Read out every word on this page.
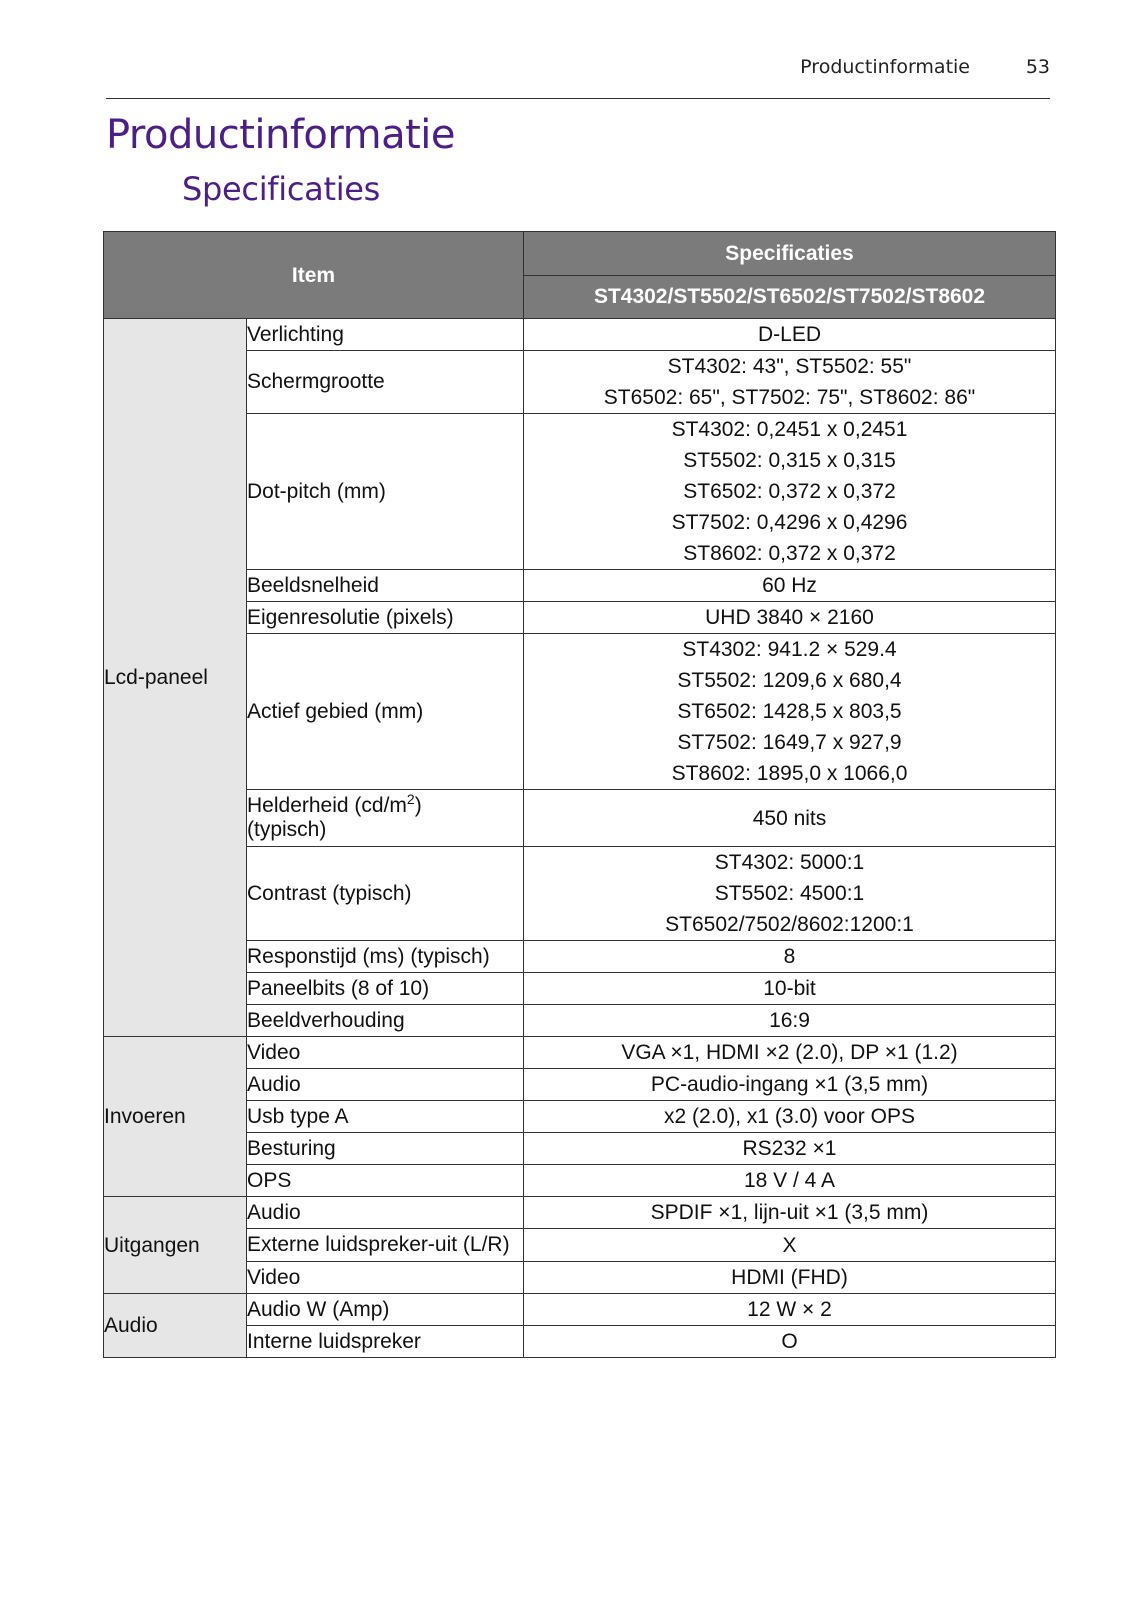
Productinformatie	53
Productinformatie
Specificaties
Item		Specificaties
		ST4302/ST5502/ST6502/ST7502/ST8602
Lcd-paneel	Verlichting	D-LED

	Schermgrootte	ST4302: 43", ST5502: 55"
ST6502: 65", ST7502: 75", ST8602: 86"

	Dot-pitch (mm)	ST4302: 0,2451 x 0,2451
ST5502: 0,315 x 0,315
ST6502: 0,372 x 0,372
ST7502: 0,4296 x 0,4296
ST8602: 0,372 x 0,372

	Beeldsnelheid	60 Hz

	Eigenresolutie (pixels)	UHD 3840 × 2160

	Actief gebied (mm)	ST4302: 941.2 × 529.4
ST5502: 1209,6 x 680,4
ST6502: 1428,5 x 803,5
ST7502: 1649,7 x 927,9
ST8602: 1895,0 x 1066,0

	Helderheid $(cd/m^2)$
(typisch)	450 nits

	Contrast (typisch)	ST4302: 5000:1
ST5502: 4500:1
ST6502/7502/8602:1200:1

	Responstijd (ms) (typisch)	8

	Paneelbits (8 of 10)	10-bit

	Beeldverhouding	16:9

Invoeren	Video	VGA ×1, HDMI ×2 (2.0), DP ×1 (1.2)

	Audio	PC-audio-ingang ×1 (3,5 mm)

	Usb type A	x2 (2.0), x1 (3.0) voor OPS

	Besturing	RS232 ×1

	OPS	18 V / 4 A

Uitgangen	Audio	SPDIF ×1, lijn-uit ×1 (3,5 mm)

	Externe luidspreker-uit (L/R)	X

	Video	HDMI (FHD)

Audio	Audio W (Amp)	12 W × 2

	Interne luidspreker	O
